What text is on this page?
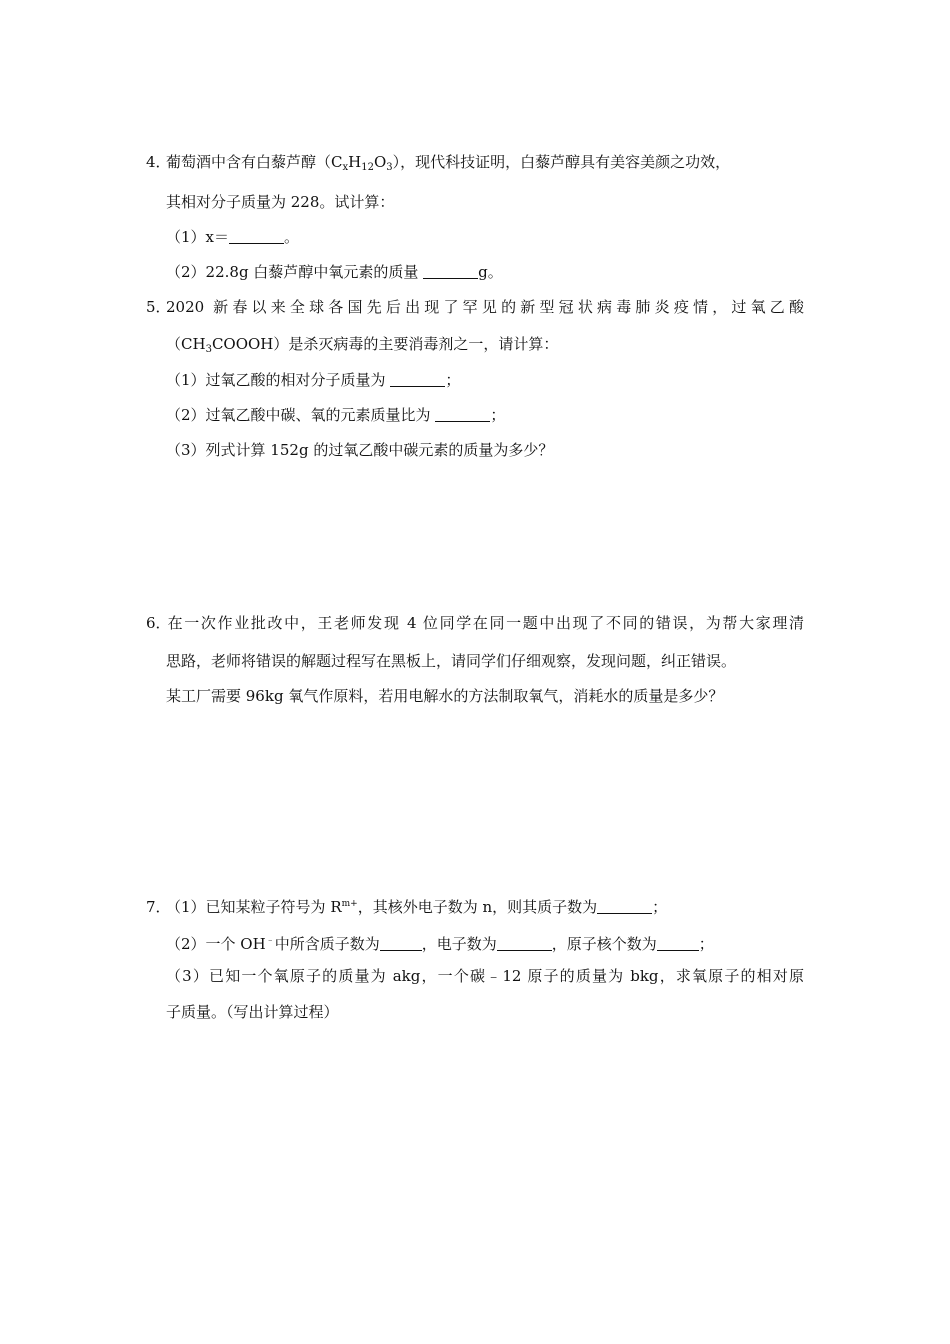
4．葡萄酒中含有白藜芦醇$(C_xH_{12}O_3)$，现代科技证明，白藜芦醇具有美容美颜之功效，
其相对分子质量为 228。试计算：
（1）x＝	。
（2）22.8g 白藜芦醇中氧元素的质量	g。
5．2020 新春以来全球各国先后出现了罕见的新型冠状病毒肺炎疫情，过氧乙酸
$(CH_3COOOH)$是杀灭病毒的主要消毒剂之一，请计算：
（1）过氧乙酸的相对分子质量为	；
（2）过氧乙酸中碳、氧的元素质量比为	；
（3）列式计算 152g 的过氧乙酸中碳元素的质量为多少？
6．在一次作业批改中，王老师发现 4 位同学在同一题中出现了不同的错误，为帮大家理清
思路，老师将错误的解题过程写在黑板上，请同学们仔细观察，发现问题，纠正错误。
某工厂需要 96kg 氧气作原料，若用电解水的方法制取氧气，消耗水的质量是多少？
7．（1）已知某粒子符号为 $R^{m+}$，其核外电子数为 n，则其质子数为	；
（2）一个 OH﹣中所含质子数为	，电子数为	，原子核个数为	；
（3）已知一个氧原子的质量为 akg，一个碳﹣12 原子的质量为 bkg，求氧原子的相对原
子质量。（写出计算过程）
